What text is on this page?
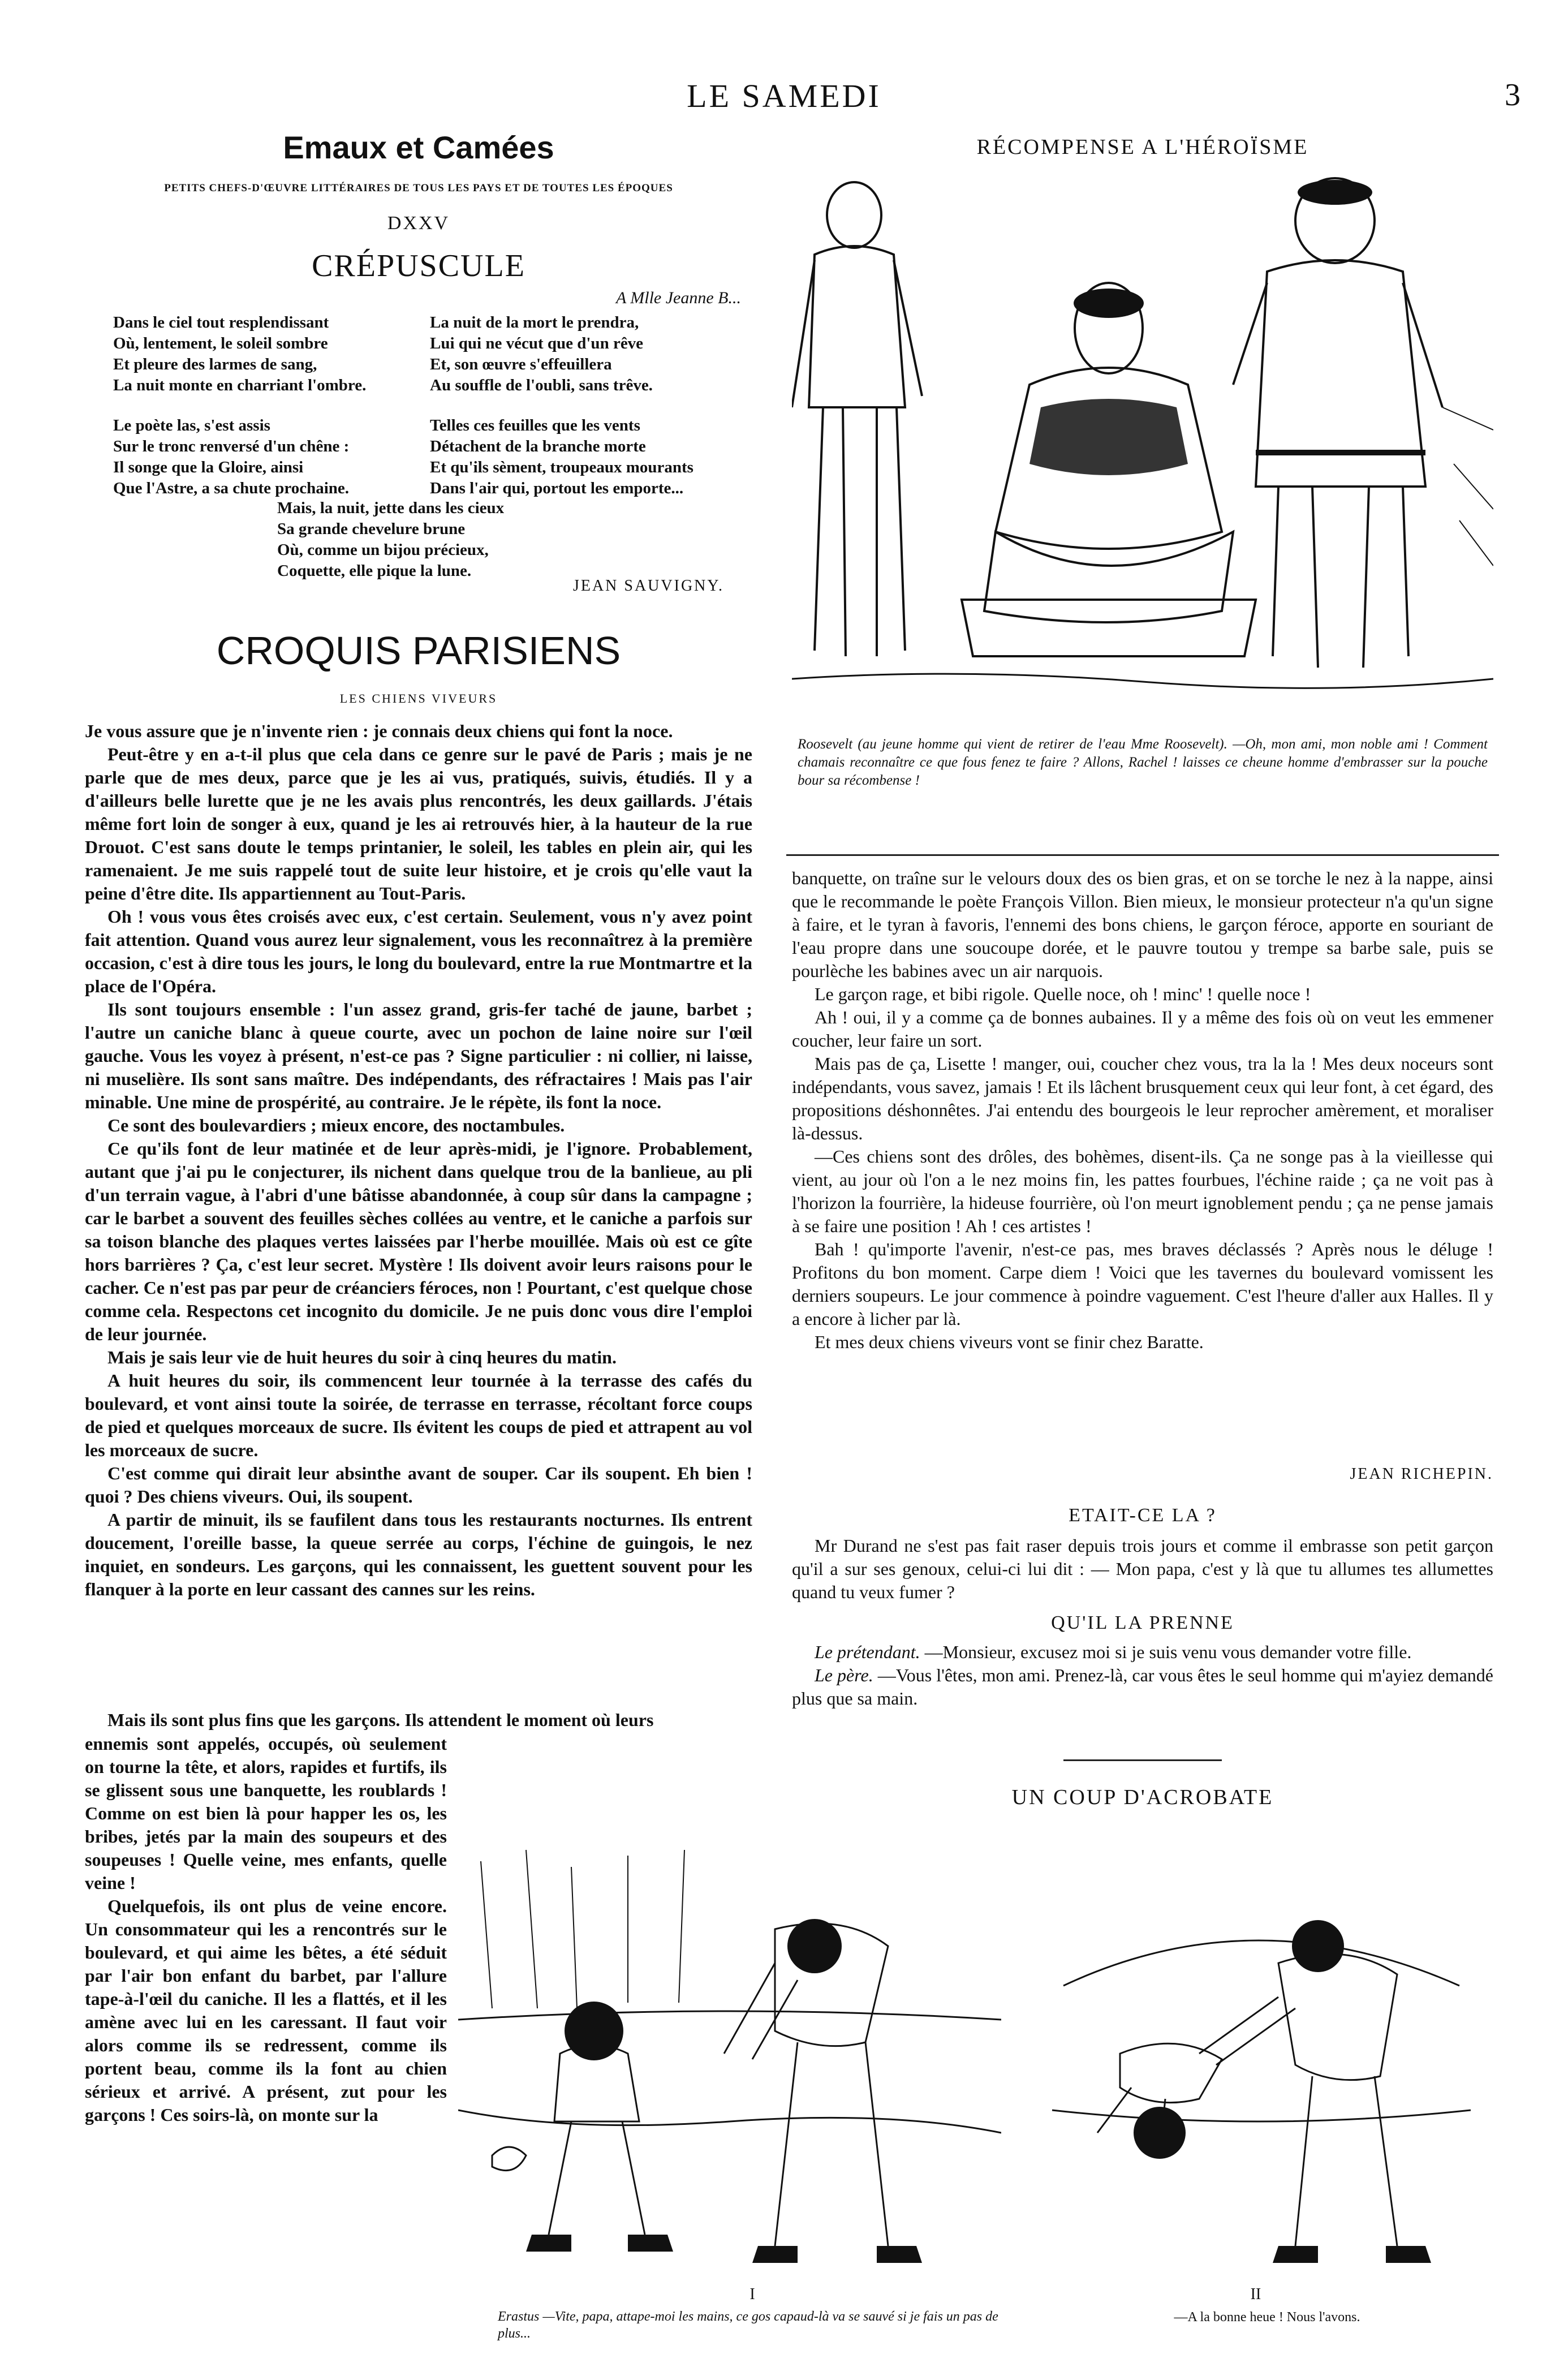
LE SAMEDI	3
Emaux et Camées
PETITS CHEFS-D'ŒUVRE LITTÉRAIRES DE TOUS LES PAYS ET DE TOUTES LES ÉPOQUES
DXXV
CRÉPUSCULE
A Mlle Jeanne B...
Dans le ciel tout resplendissant
Où, lentement, le soleil sombre
Et pleure des larmes de sang,
La nuit monte en charriant l'ombre.
Le poète las, s'est assis
Sur le tronc renversé d'un chêne :
Il songe que la Gloire, ainsi
Que l'Astre, a sa chute prochaine.
La nuit de la mort le prendra,
Lui qui ne vécut que d'un rêve
Et, son œuvre s'effeuillera
Au souffle de l'oubli, sans trêve.
Telles ces feuilles que les vents
Détachent de la branche morte
Et qu'ils sèment, troupeaux mourants
Dans l'air qui, portout les emporte...
Mais, la nuit, jette dans les cieux
Sa grande chevelure brune
Où, comme un bijou précieux,
Coquette, elle pique la lune.
JEAN SAUVIGNY.
CROQUIS PARISIENS
LES CHIENS VIVEURS

Je vous assure que je n'invente rien : je connais deux chiens qui font la noce.

Peut-être y en a-t-il plus que cela dans ce genre sur le pavé de Paris ; mais je ne parle que de mes deux, parce que je les ai vus, pratiqués, suivis, étudiés. Il y a d'ailleurs belle lurette que je ne les avais plus rencontrés, les deux gaillards. J'étais même fort loin de songer à eux, quand je les ai retrouvés hier, à la hauteur de la rue Drouot. C'est sans doute le temps printanier, le soleil, les tables en plein air, qui les ramenaient. Je me suis rappelé tout de suite leur histoire, et je crois qu'elle vaut la peine d'être dite. Ils appartiennent au Tout-Paris.

Oh ! vous vous êtes croisés avec eux, c'est certain. Seulement, vous n'y avez point fait attention. Quand vous aurez leur signalement, vous les reconnaîtrez à la première occasion, c'est à dire tous les jours, le long du boulevard, entre la rue Montmartre et la place de l'Opéra.

Ils sont toujours ensemble : l'un assez grand, gris-fer taché de jaune, barbet ; l'autre un caniche blanc à queue courte, avec un pochon de laine noire sur l'œil gauche. Vous les voyez à présent, n'est-ce pas ? Signe particulier : ni collier, ni laisse, ni muselière. Ils sont sans maître. Des indépendants, des réfractaires ! Mais pas l'air minable. Une mine de prospérité, au contraire. Je le répète, ils font la noce.

Ce sont des boulevardiers ; mieux encore, des noctambules.

Ce qu'ils font de leur matinée et de leur après-midi, je l'ignore. Probablement, autant que j'ai pu le conjecturer, ils nichent dans quelque trou de la banlieue, au pli d'un terrain vague, à l'abri d'une bâtisse abandonnée, à coup sûr dans la campagne ; car le barbet a souvent des feuilles sèches collées au ventre, et le caniche a parfois sur sa toison blanche des plaques vertes laissées par l'herbe mouillée. Mais où est ce gîte hors barrières ? Ça, c'est leur secret. Mystère ! Ils doivent avoir leurs raisons pour le cacher. Ce n'est pas par peur de créanciers féroces, non ! Pourtant, c'est quelque chose comme cela. Respectons cet incognito du domicile. Je ne puis donc vous dire l'emploi de leur journée.

Mais je sais leur vie de huit heures du soir à cinq heures du matin.

A huit heures du soir, ils commencent leur tournée à la terrasse des cafés du boulevard, et vont ainsi toute la soirée, de terrasse en terrasse, récoltant force coups de pied et quelques morceaux de sucre. Ils évitent les coups de pied et attrapent au vol les morceaux de sucre.

C'est comme qui dirait leur absinthe avant de souper. Car ils soupent. Eh bien ! quoi ? Des chiens viveurs. Oui, ils soupent.

A partir de minuit, ils se faufilent dans tous les restaurants nocturnes. Ils entrent doucement, l'oreille basse, la queue serrée au corps, l'échine de guingois, le nez inquiet, en sondeurs. Les garçons, qui les connaissent, les guettent souvent pour les flanquer à la porte en leur cassant des cannes sur les reins.

Mais ils sont plus fins que les garçons. Ils attendent le moment où leurs

ennemis sont appelés, occupés, où seulement on tourne la tête, et alors, rapides et furtifs, ils se glissent sous une banquette, les roublards ! Comme on est bien là pour happer les os, les bribes, jetés par la main des soupeurs et des soupeuses ! Quelle veine, mes enfants, quelle veine !

Quelquefois, ils ont plus de veine encore. Un consommateur qui les a rencontrés sur le boulevard, et qui aime les bêtes, a été séduit par l'air bon enfant du barbet, par l'allure tape-à-l'œil du caniche. Il les a flattés, et il les amène avec lui en les caressant. Il faut voir alors comme ils se redressent, comme ils portent beau, comme ils la font au chien sérieux et arrivé. A présent, zut pour les garçons ! Ces soirs-là, on monte sur la

RÉCOMPENSE A L'HÉROÏSME
Roosevelt (au jeune homme qui vient de retirer de l'eau Mme Roosevelt). —Oh, mon ami, mon noble ami ! Comment chamais reconnaître ce que fous fenez te faire ? Allons, Rachel ! laisses ce cheune homme d'embrasser sur la pouche bour sa récombense !

banquette, on traîne sur le velours doux des os bien gras, et on se torche le nez à la nappe, ainsi que le recommande le poète François Villon. Bien mieux, le monsieur protecteur n'a qu'un signe à faire, et le tyran à favoris, l'ennemi des bons chiens, le garçon féroce, apporte en souriant de l'eau propre dans une soucoupe dorée, et le pauvre toutou y trempe sa barbe sale, puis se pourlèche les babines avec un air narquois.

Le garçon rage, et bibi rigole. Quelle noce, oh ! minc' ! quelle noce !

Ah ! oui, il y a comme ça de bonnes aubaines. Il y a même des fois où on veut les emmener coucher, leur faire un sort.

Mais pas de ça, Lisette ! manger, oui, coucher chez vous, tra la la ! Mes deux noceurs sont indépendants, vous savez, jamais ! Et ils lâchent brusquement ceux qui leur font, à cet égard, des propositions déshonnêtes. J'ai entendu des bourgeois le leur reprocher amèrement, et moraliser là-dessus.

—Ces chiens sont des drôles, des bohèmes, disent-ils. Ça ne songe pas à la vieillesse qui vient, au jour où l'on a le nez moins fin, les pattes fourbues, l'échine raide ; ça ne voit pas à l'horizon la fourrière, la hideuse fourrière, où l'on meurt ignoblement pendu ; ça ne pense jamais à se faire une position ! Ah ! ces artistes !

Bah ! qu'importe l'avenir, n'est-ce pas, mes braves déclassés ? Après nous le déluge ! Profitons du bon moment. Carpe diem ! Voici que les tavernes du boulevard vomissent les derniers soupeurs. Le jour commence à poindre vaguement. C'est l'heure d'aller aux Halles. Il y a encore à licher par là.

Et mes deux chiens viveurs vont se finir chez Baratte.

JEAN RICHEPIN.
ETAIT-CE LA ?

Mr Durand ne s'est pas fait raser depuis trois jours et comme il embrasse son petit garçon qu'il a sur ses genoux, celui-ci lui dit : — Mon papa, c'est y là que tu allumes tes allumettes quand tu veux fumer ?

QU'IL LA PRENNE

Le prétendant. —Monsieur, excusez moi si je suis venu vous demander votre fille.

Le père. —Vous l'êtes, mon ami. Prenez-là, car vous êtes le seul homme qui m'ayiez demandé plus que sa main.

UN COUP D'ACROBATE
I
Erastus —Vite, papa, attape-moi les mains, ce gos capaud-là va se sauvé si je fais un pas de plus...
II
—A la bonne heue ! Nous l'avons.
